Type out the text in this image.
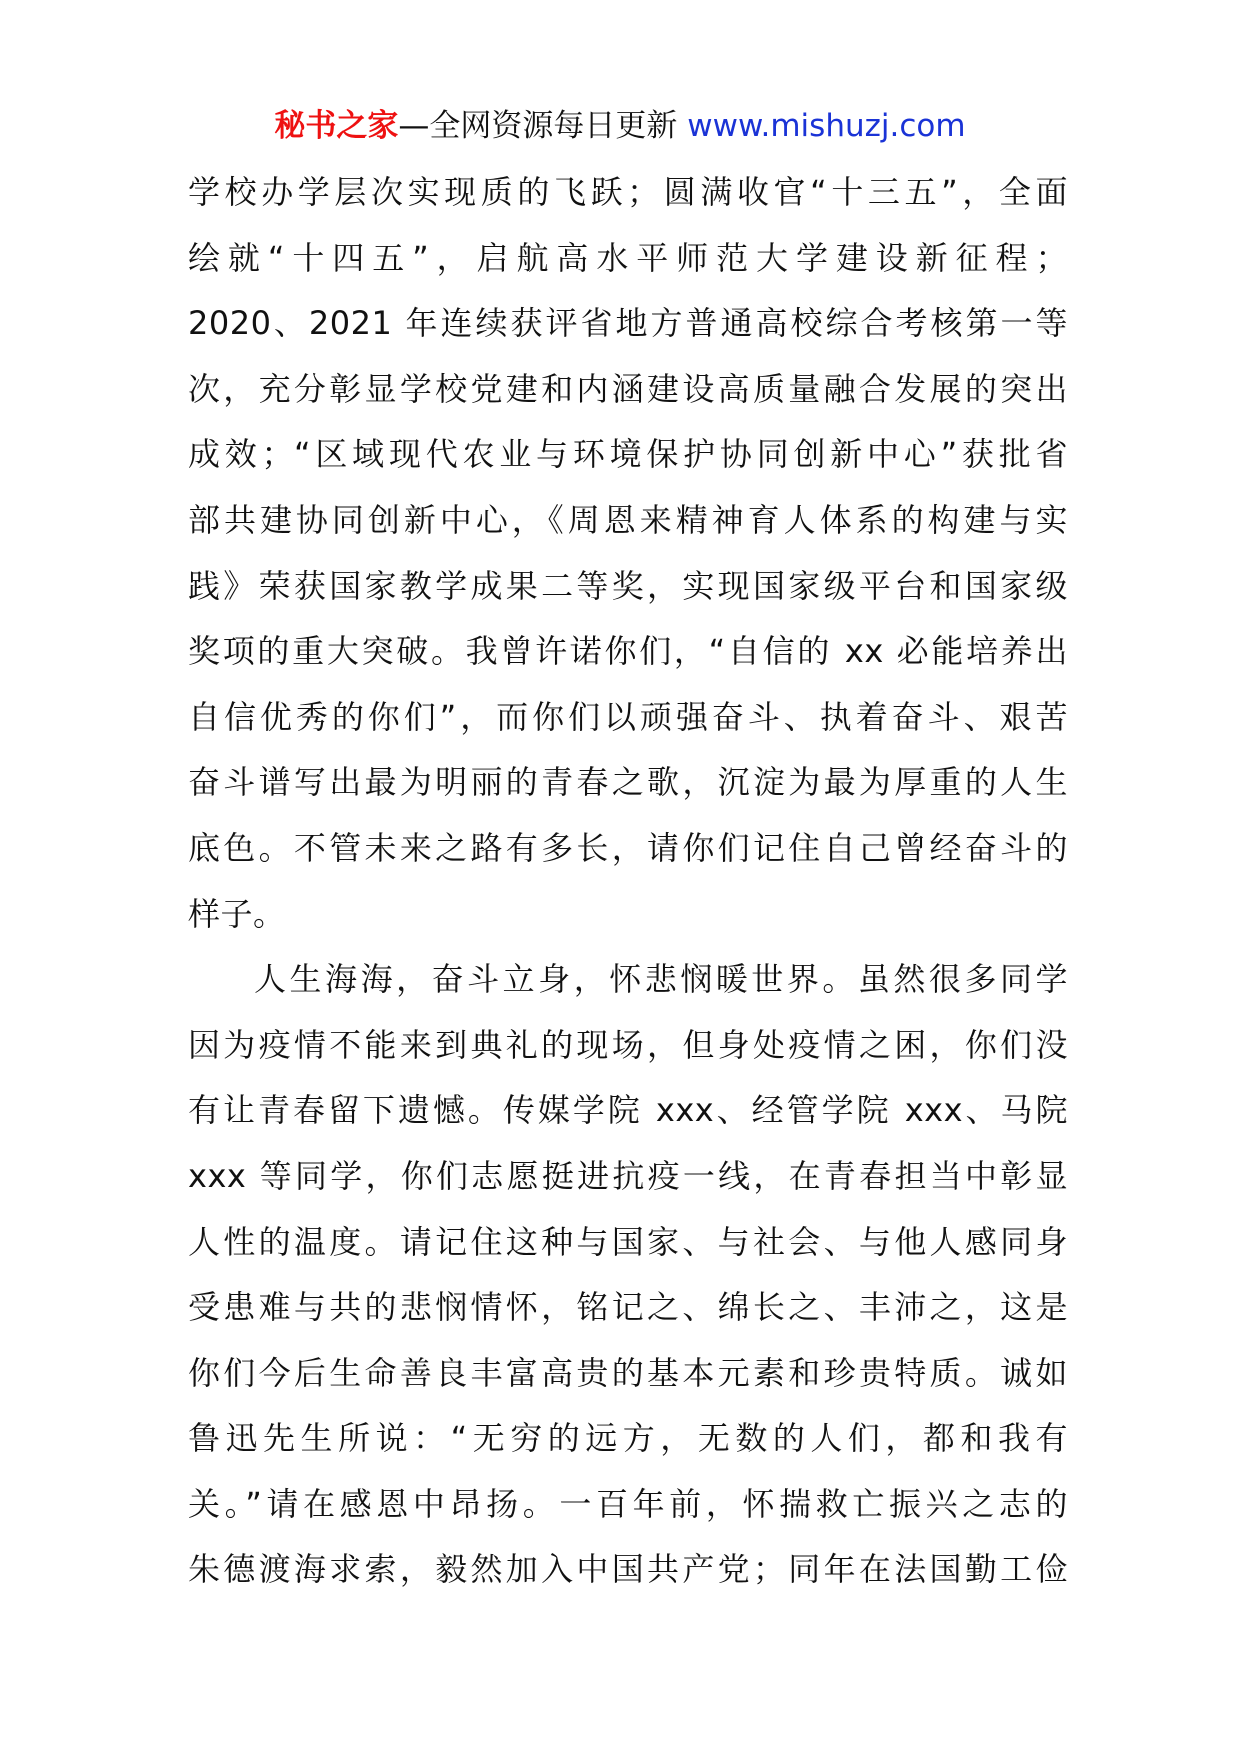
秘书之家—全网资源每日更新 www.mishuzj.com
学校办学层次实现质的飞跃；圆满收官“十三五”，全面
绘就“十四五”，启航高水平师范大学建设新征程；
2020、2021 年连续获评省地方普通高校综合考核第一等
次，充分彰显学校党建和内涵建设高质量融合发展的突出
成效；“区域现代农业与环境保护协同创新中心”获批省
部共建协同创新中心，《周恩来精神育人体系的构建与实
践》荣获国家教学成果二等奖，实现国家级平台和国家级
奖项的重大突破。我曾许诺你们，“自信的 xx 必能培养出
自信优秀的你们”，而你们以顽强奋斗、执着奋斗、艰苦
奋斗谱写出最为明丽的青春之歌，沉淀为最为厚重的人生
底色。不管未来之路有多长，请你们记住自己曾经奋斗的
样子。
人生海海，奋斗立身，怀悲悯暖世界。虽然很多同学
因为疫情不能来到典礼的现场，但身处疫情之困，你们没
有让青春留下遗憾。传媒学院 xxx、经管学院 xxx、马院
xxx 等同学，你们志愿挺进抗疫一线，在青春担当中彰显
人性的温度。请记住这种与国家、与社会、与他人感同身
受患难与共的悲悯情怀，铭记之、绵长之、丰沛之，这是
你们今后生命善良丰富高贵的基本元素和珍贵特质。诚如
鲁迅先生所说：“无穷的远方，无数的人们，都和我有
关。”请在感恩中昂扬。一百年前，怀揣救亡振兴之志的
朱德渡海求索，毅然加入中国共产党；同年在法国勤工俭
